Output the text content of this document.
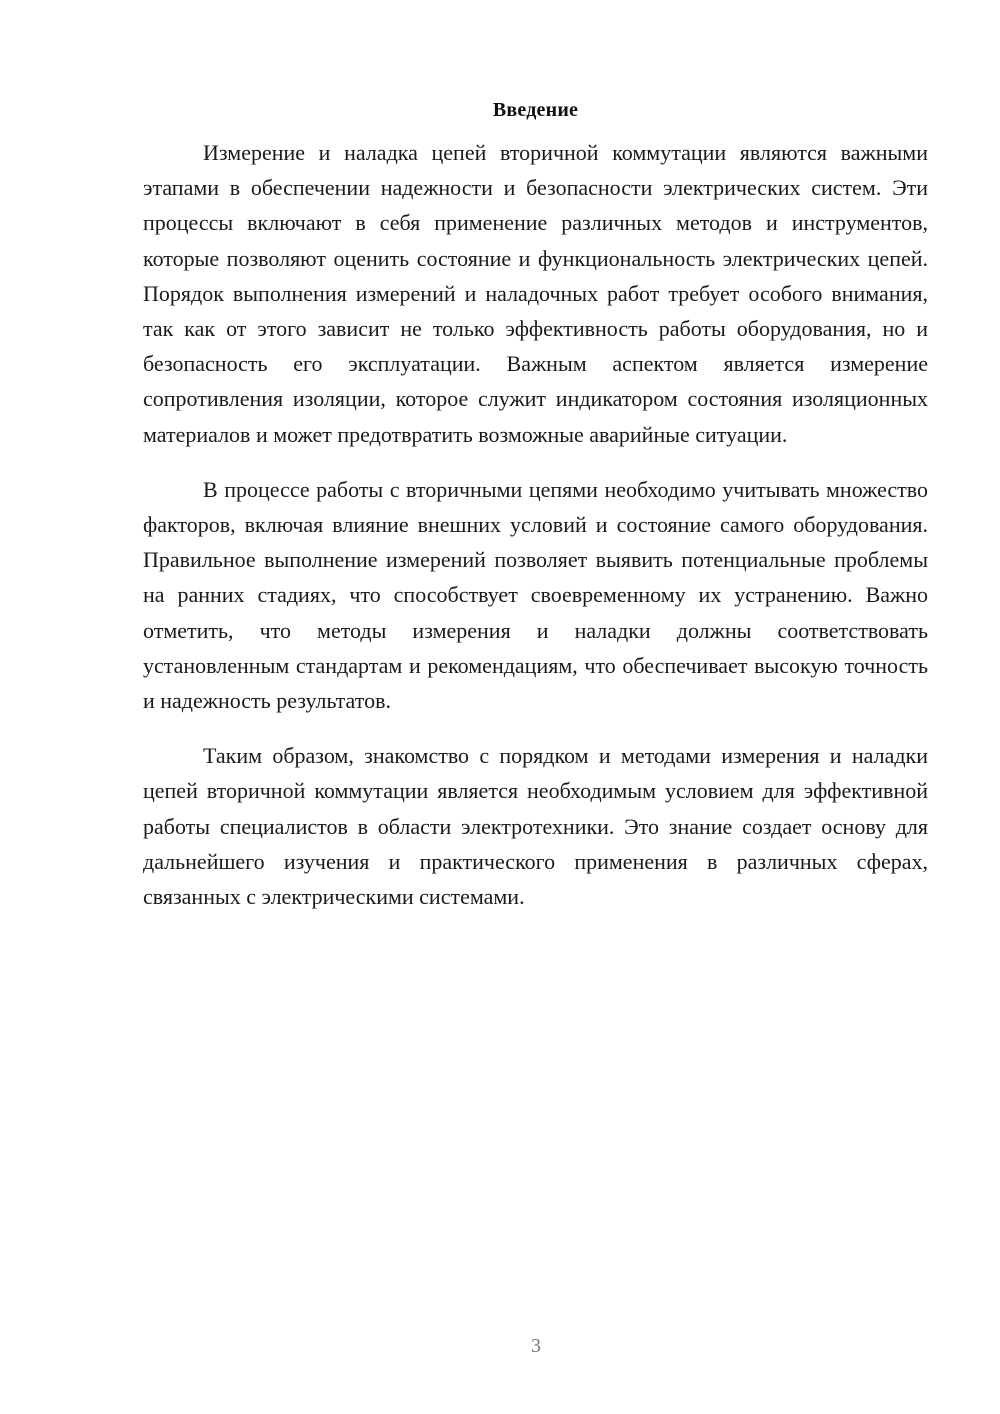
Введение

Измерение и наладка цепей вторичной коммутации являются важными этапами в обеспечении надежности и безопасности электрических систем. Эти процессы включают в себя применение различных методов и инструментов, которые позволяют оценить состояние и функциональность электрических цепей. Порядок выполнения измерений и наладочных работ требует особого внимания, так как от этого зависит не только эффективность работы оборудования, но и безопасность его эксплуатации. Важным аспектом является измерение сопротивления изоляции, которое служит индикатором состояния изоляционных материалов и может предотвратить возможные аварийные ситуации.

В процессе работы с вторичными цепями необходимо учитывать множество факторов, включая влияние внешних условий и состояние самого оборудования. Правильное выполнение измерений позволяет выявить потенциальные проблемы на ранних стадиях, что способствует своевременному их устранению. Важно отметить, что методы измерения и наладки должны соответствовать установленным стандартам и рекомендациям, что обеспечивает высокую точность и надежность результатов.

Таким образом, знакомство с порядком и методами измерения и наладки цепей вторичной коммутации является необходимым условием для эффективной работы специалистов в области электротехники. Это знание создает основу для дальнейшего изучения и практического применения в различных сферах, связанных с электрическими системами.

3
